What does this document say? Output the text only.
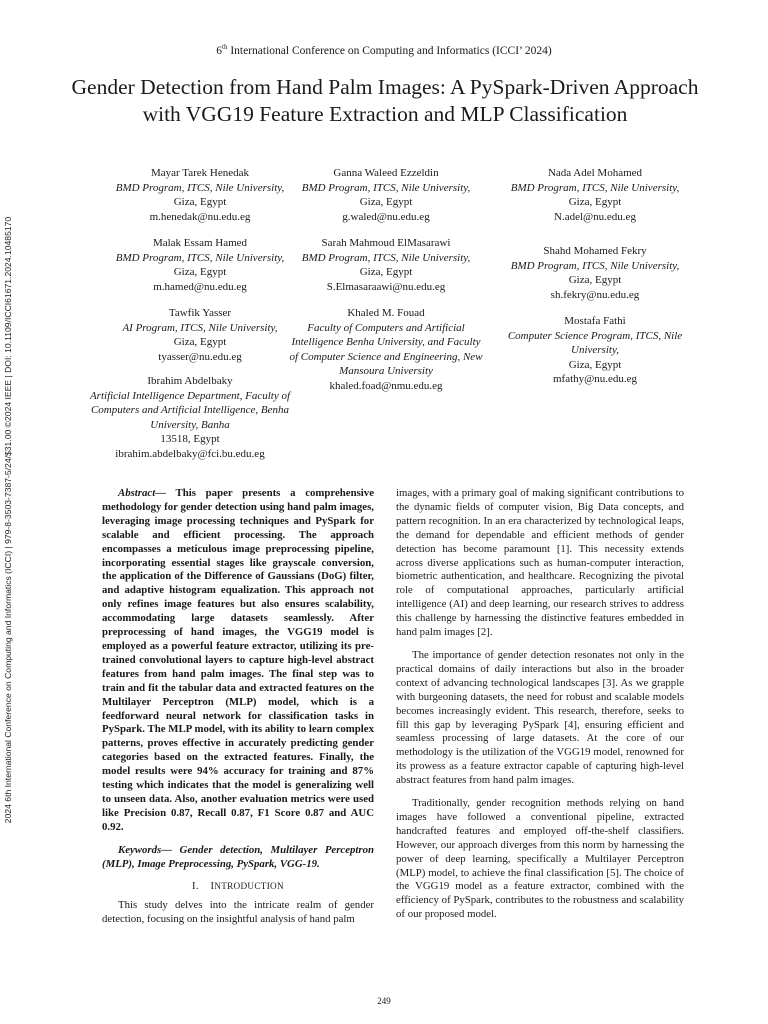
2024 6th International Conference on Computing and Informatics (ICCI) | 979-8-3503-7387-5/24/$31.00 ©2024 IEEE | DOI: 10.1109/ICCI61671.2024.10485170
6th International Conference on Computing and Informatics (ICCI’ 2024)
Gender Detection from Hand Palm Images: A PySpark-Driven Approach with VGG19 Feature Extraction and MLP Classification
Mayar Tarek Henedak
BMD Program, ITCS, Nile University,
Giza, Egypt
m.henedak@nu.edu.eg
Ganna Waleed Ezzeldin
BMD Program, ITCS, Nile University,
Giza, Egypt
g.waled@nu.edu.eg
Nada Adel Mohamed
BMD Program, ITCS, Nile University,
Giza, Egypt
N.adel@nu.edu.eg
Malak Essam Hamed
BMD Program, ITCS, Nile University,
Giza, Egypt
m.hamed@nu.edu.eg
Sarah Mahmoud ElMasarawi
BMD Program, ITCS, Nile University,
Giza, Egypt
S.Elmasaraawi@nu.edu.eg
Shahd Mohamed Fekry
BMD Program, ITCS, Nile University,
Giza, Egypt
sh.fekry@nu.edu.eg
Tawfik Yasser
AI Program, ITCS, Nile University,
Giza, Egypt
tyasser@nu.edu.eg
Khaled M. Fouad
Faculty of Computers and Artificial Intelligence Benha University, and Faculty of Computer Science and Engineering, New Mansoura University
khaled.foad@nmu.edu.eg
Mostafa Fathi
Computer Science Program, ITCS, Nile University,
Giza, Egypt
mfathy@nu.edu.eg
Ibrahim Abdelbaky
Artificial Intelligence Department, Faculty of Computers and Artificial Intelligence, Benha University, Banha
13518, Egypt
ibrahim.abdelbaky@fci.bu.edu.eg

Abstract— This paper presents a comprehensive methodology for gender detection using hand palm images, leveraging image processing techniques and PySpark for scalable and efficient processing. The approach encompasses a meticulous image preprocessing pipeline, incorporating essential stages like grayscale conversion, the application of the Difference of Gaussians (DoG) filter, and adaptive histogram equalization. This approach not only refines image features but also ensures scalability, accommodating large datasets seamlessly. After preprocessing of hand images, the VGG19 model is employed as a powerful feature extractor, utilizing its pre-trained convolutional layers to capture high-level abstract features from hand palm images. The final step was to train and fit the tabular data and extracted features on the Multilayer Perceptron (MLP) model, which is a feedforward neural network for classification tasks in PySpark. The MLP model, with its ability to learn complex patterns, proves effective in accurately predicting gender categories based on the extracted features. Finally, the model results were 94% accuracy for training and 87% testing which indicates that the model is generalizing well to unseen data. Also, another evaluation metrics were used like Precision 0.87, Recall 0.87, F1 Score 0.87 and AUC 0.92.

Keywords— Gender detection, Multilayer Perceptron (MLP), Image Preprocessing, PySpark, VGG-19.

I. INTRODUCTION

This study delves into the intricate realm of gender detection, focusing on the insightful analysis of hand palm

images, with a primary goal of making significant contributions to the dynamic fields of computer vision, Big Data concepts, and pattern recognition. In an era characterized by technological leaps, the demand for dependable and efficient methods of gender detection has become paramount [1]. This necessity extends across diverse applications such as human-computer interaction, biometric authentication, and healthcare. Recognizing the pivotal role of computational approaches, particularly artificial intelligence (AI) and deep learning, our research strives to address this challenge by harnessing the distinctive features embedded in hand palm images [2].

The importance of gender detection resonates not only in the practical domains of daily interactions but also in the broader context of advancing technological landscapes [3]. As we grapple with burgeoning datasets, the need for robust and scalable models becomes increasingly evident. This research, therefore, seeks to fill this gap by leveraging PySpark [4], ensuring efficient and seamless processing of large datasets. At the core of our methodology is the utilization of the VGG19 model, renowned for its prowess as a feature extractor capable of capturing high-level abstract features from hand palm images.

Traditionally, gender recognition methods relying on hand images have followed a conventional pipeline, extracted handcrafted features and employed off-the-shelf classifiers. However, our approach diverges from this norm by harnessing the power of deep learning, specifically a Multilayer Perceptron (MLP) model, to achieve the final classification [5]. The choice of the VGG19 model as a feature extractor, combined with the efficiency of PySpark, contributes to the robustness and scalability of our proposed model.

249
